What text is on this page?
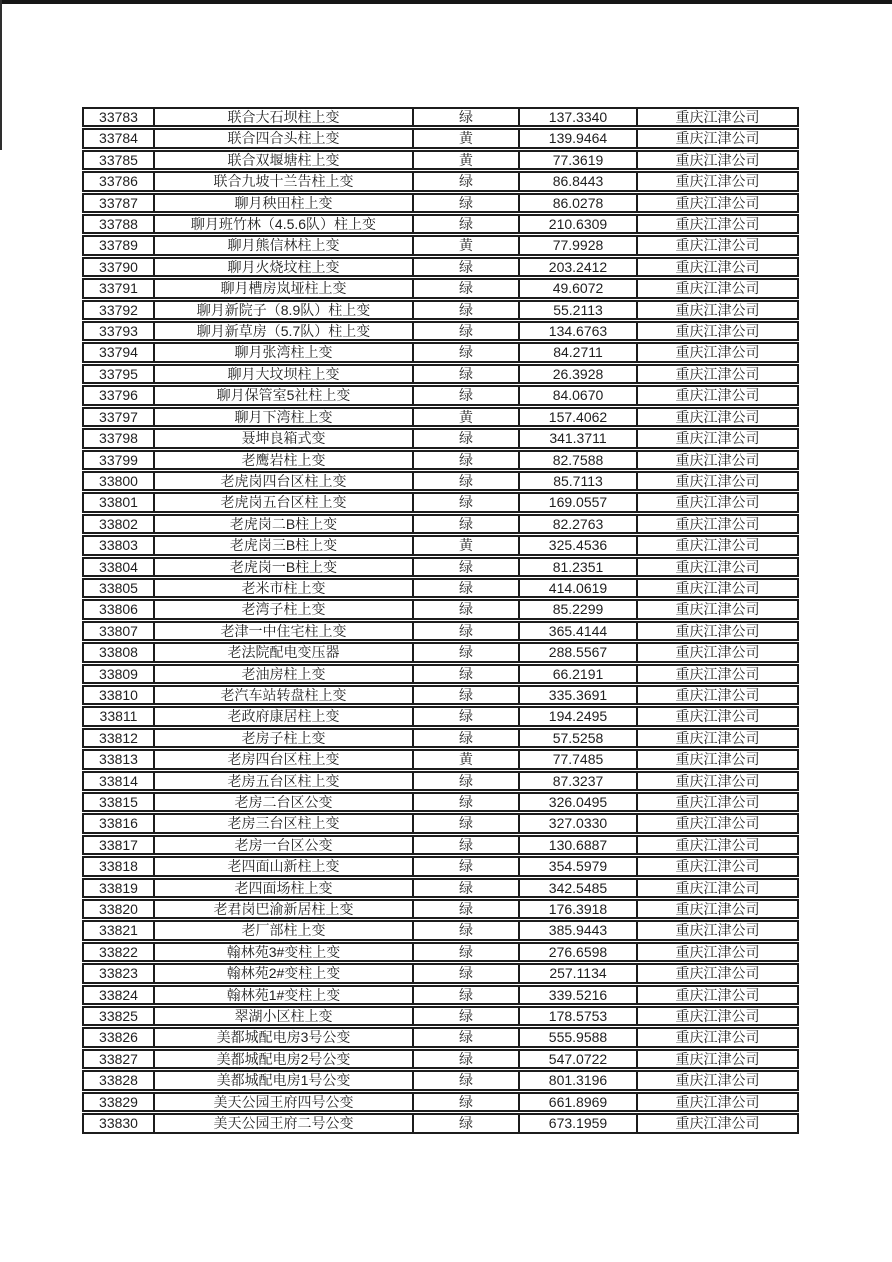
33783	联合大石坝柱上变	绿	137.3340	重庆江津公司
33784	联合四合头柱上变	黄	139.9464	重庆江津公司
33785	联合双堰塘柱上变	黄	77.3619	重庆江津公司
33786	联合九坡十兰告柱上变	绿	86.8443	重庆江津公司
33787	聊月秧田柱上变	绿	86.0278	重庆江津公司
33788	聊月班竹林（4.5.6队）柱上变	绿	210.6309	重庆江津公司
33789	聊月熊信林柱上变	黄	77.9928	重庆江津公司
33790	聊月火烧坟柱上变	绿	203.2412	重庆江津公司
33791	聊月槽房岚垭柱上变	绿	49.6072	重庆江津公司
33792	聊月新院子（8.9队）柱上变	绿	55.2113	重庆江津公司
33793	聊月新草房（5.7队）柱上变	绿	134.6763	重庆江津公司
33794	聊月张湾柱上变	绿	84.2711	重庆江津公司
33795	聊月大坟坝柱上变	绿	26.3928	重庆江津公司
33796	聊月保管室5社柱上变	绿	84.0670	重庆江津公司
33797	聊月下湾柱上变	黄	157.4062	重庆江津公司
33798	聂坤良箱式变	绿	341.3711	重庆江津公司
33799	老鹰岩柱上变	绿	82.7588	重庆江津公司
33800	老虎岗四台区柱上变	绿	85.7113	重庆江津公司
33801	老虎岗五台区柱上变	绿	169.0557	重庆江津公司
33802	老虎岗二B柱上变	绿	82.2763	重庆江津公司
33803	老虎岗三B柱上变	黄	325.4536	重庆江津公司
33804	老虎岗一B柱上变	绿	81.2351	重庆江津公司
33805	老米市柱上变	绿	414.0619	重庆江津公司
33806	老湾子柱上变	绿	85.2299	重庆江津公司
33807	老津一中住宅柱上变	绿	365.4144	重庆江津公司
33808	老法院配电变压器	绿	288.5567	重庆江津公司
33809	老油房柱上变	绿	66.2191	重庆江津公司
33810	老汽车站转盘柱上变	绿	335.3691	重庆江津公司
33811	老政府康居柱上变	绿	194.2495	重庆江津公司
33812	老房子柱上变	绿	57.5258	重庆江津公司
33813	老房四台区柱上变	黄	77.7485	重庆江津公司
33814	老房五台区柱上变	绿	87.3237	重庆江津公司
33815	老房二台区公变	绿	326.0495	重庆江津公司
33816	老房三台区柱上变	绿	327.0330	重庆江津公司
33817	老房一台区公变	绿	130.6887	重庆江津公司
33818	老四面山新柱上变	绿	354.5979	重庆江津公司
33819	老四面场柱上变	绿	342.5485	重庆江津公司
33820	老君岗巴渝新居柱上变	绿	176.3918	重庆江津公司
33821	老厂部柱上变	绿	385.9443	重庆江津公司
33822	翰林苑3#变柱上变	绿	276.6598	重庆江津公司
33823	翰林苑2#变柱上变	绿	257.1134	重庆江津公司
33824	翰林苑1#变柱上变	绿	339.5216	重庆江津公司
33825	翠湖小区柱上变	绿	178.5753	重庆江津公司
33826	美都城配电房3号公变	绿	555.9588	重庆江津公司
33827	美都城配电房2号公变	绿	547.0722	重庆江津公司
33828	美都城配电房1号公变	绿	801.3196	重庆江津公司
33829	美天公园王府四号公变	绿	661.8969	重庆江津公司
33830	美天公园王府二号公变	绿	673.1959	重庆江津公司
